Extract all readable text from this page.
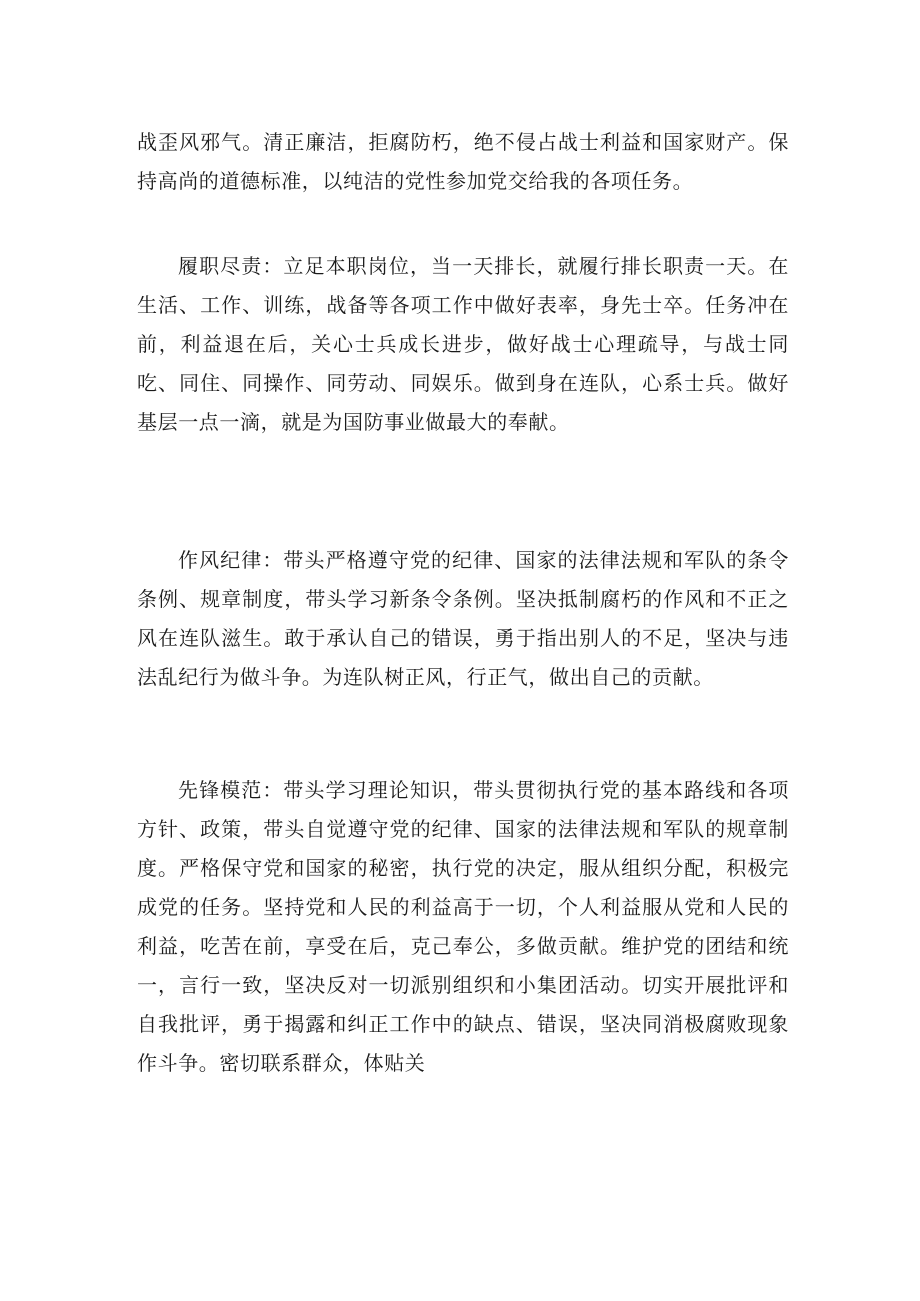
战歪风邪气。清正廉洁，拒腐防朽，绝不侵占战士利益和国家财产。保持高尚的道德标准，以纯洁的党性参加党交给我的各项任务。

履职尽责：立足本职岗位，当一天排长，就履行排长职责一天。在生活、工作、训练，战备等各项工作中做好表率，身先士卒。任务冲在前，利益退在后，关心士兵成长进步，做好战士心理疏导，与战士同吃、同住、同操作、同劳动、同娱乐。做到身在连队，心系士兵。做好基层一点一滴，就是为国防事业做最大的奉献。

作风纪律：带头严格遵守党的纪律、国家的法律法规和军队的条令条例、规章制度，带头学习新条令条例。坚决抵制腐朽的作风和不正之风在连队滋生。敢于承认自己的错误，勇于指出别人的不足，坚决与违法乱纪行为做斗争。为连队树正风，行正气，做出自己的贡献。

先锋模范：带头学习理论知识，带头贯彻执行党的基本路线和各项方针、政策，带头自觉遵守党的纪律、国家的法律法规和军队的规章制度。严格保守党和国家的秘密，执行党的决定，服从组织分配，积极完成党的任务。坚持党和人民的利益高于一切，个人利益服从党和人民的利益，吃苦在前，享受在后，克己奉公，多做贡献。维护党的团结和统一，言行一致，坚决反对一切派别组织和小集团活动。切实开展批评和自我批评，勇于揭露和纠正工作中的缺点、错误，坚决同消极腐败现象作斗争。密切联系群众，体贴关
